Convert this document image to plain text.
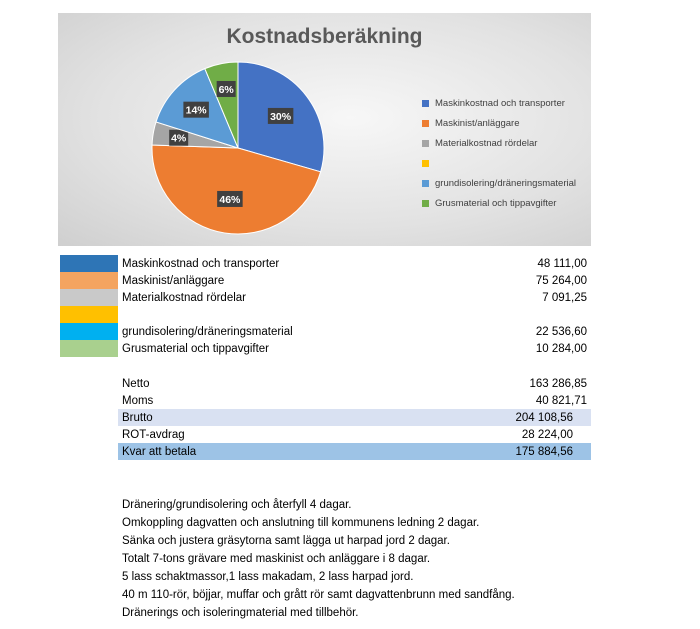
Kostnadsberäkning
30%
46%
4%
14%
6%
Maskinkostnad och transporter
Maskinist/anläggare
Materialkostnad rördelar
grundisolering/dräneringsmaterial
Grusmaterial och tippavgifter
Maskinkostnad och transporter	48 111,00
Maskinist/anläggare	75 264,00
Materialkostnad rördelar	7 091,25
grundisolering/dräneringsmaterial	22 536,60
Grusmaterial och tippavgifter	10 284,00
Netto	163 286,85
Moms	40 821,71
Brutto	204 108,56
ROT-avdrag	28 224,00
Kvar att betala	175 884,56
Dränering/grundisolering och återfyll 4 dagar.
Omkoppling dagvatten och anslutning till kommunens ledning 2 dagar.
Sänka och justera gräsytorna samt lägga ut harpad jord 2 dagar.
Totalt 7-tons grävare med maskinist och anläggare i 8 dagar.
5 lass schaktmassor,1 lass makadam, 2 lass harpad jord.
40 m 110-rör, böjjar, muffar och grått rör samt dagvattenbrunn med sandfång.
Dränerings och isoleringmaterial med tillbehör.
